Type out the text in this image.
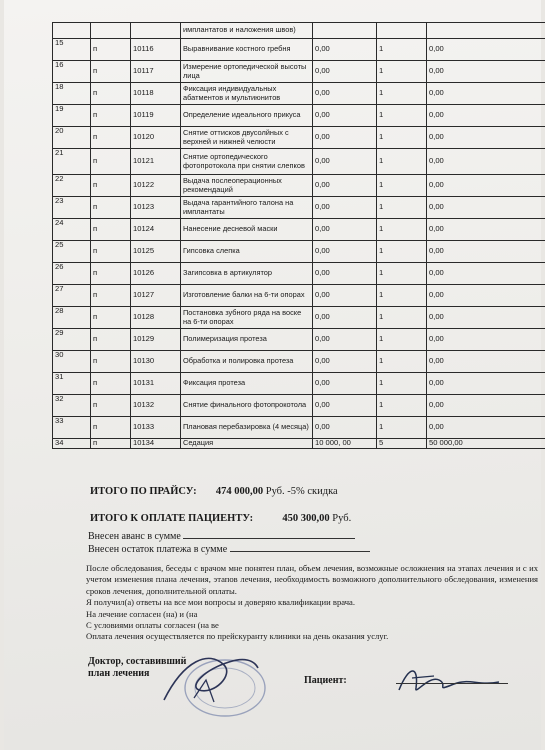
			имплантатов и наложения швов)			
15	п	10116	Выравнивание костного гребня	0,00	1	0,00
16	п	10117	Измерение ортопедической высоты лица	0,00	1	0,00
18	п	10118	Фиксация индивидуальных абатментов и мультиюнитов	0,00	1	0,00
19	п	10119	Определение идеального прикуса	0,00	1	0,00
20	п	10120	Снятие оттисков двусолйных с верхней и нижней челюсти	0,00	1	0,00
21	п	10121	Снятие ортопедического фотопротокола при снятии слепков	0,00	1	0,00
22	п	10122	Выдача послеоперационных рекомендаций	0,00	1	0,00
23	п	10123	Выдача гарантийного талона на имплантаты	0,00	1	0,00
24	п	10124	Нанесение десневой маски	0,00	1	0,00
25	п	10125	Гипсовка слепка	0,00	1	0,00
26	п	10126	Загипсовка в артикулятор	0,00	1	0,00
27	п	10127	Изготовление балки на 6-ти опорах	0,00	1	0,00
28	п	10128	Постановка зубного ряда на воске на 6-ти опорах	0,00	1	0,00
29	п	10129	Полимеризация протеза	0,00	1	0,00
30	п	10130	Обработка и полировка протеза	0,00	1	0,00
31	п	10131	Фиксация протеза	0,00	1	0,00
32	п	10132	Снятие финального фотопрокотола	0,00	1	0,00
33	п	10133	Плановая перебазировка (4 месяца)	0,00	1	0,00
34	п	10134	Седация	10 000, 00	5	50 000,00
ИТОГО ПО ПРАЙСУ: 474 000,00 Руб. -5% скидка
ИТОГО К ОПЛАТЕ ПАЦИЕНТУ:	450 300,00 Руб.
Внесен аванс в сумме
Внесен остаток платежа в сумме
После обследования, беседы с врачом мне понятен план, объем лечения, возможные осложнения на этапах лечения и с их учетом изменения плана лечения, этапов лечения, необходимость возможного дополнительного обследования, изменения сроков лечения, дополнительной оплаты.
Я получил(а) ответы на все мои вопросы и доверяю квалификации врача.
На лечение согласен (на) и (на
С условиями оплаты согласен (на ве
Оплата лечения осуществляется по прейскуранту клиники на день оказания услуг.
Доктор, составивший
план лечения
Пациент:
